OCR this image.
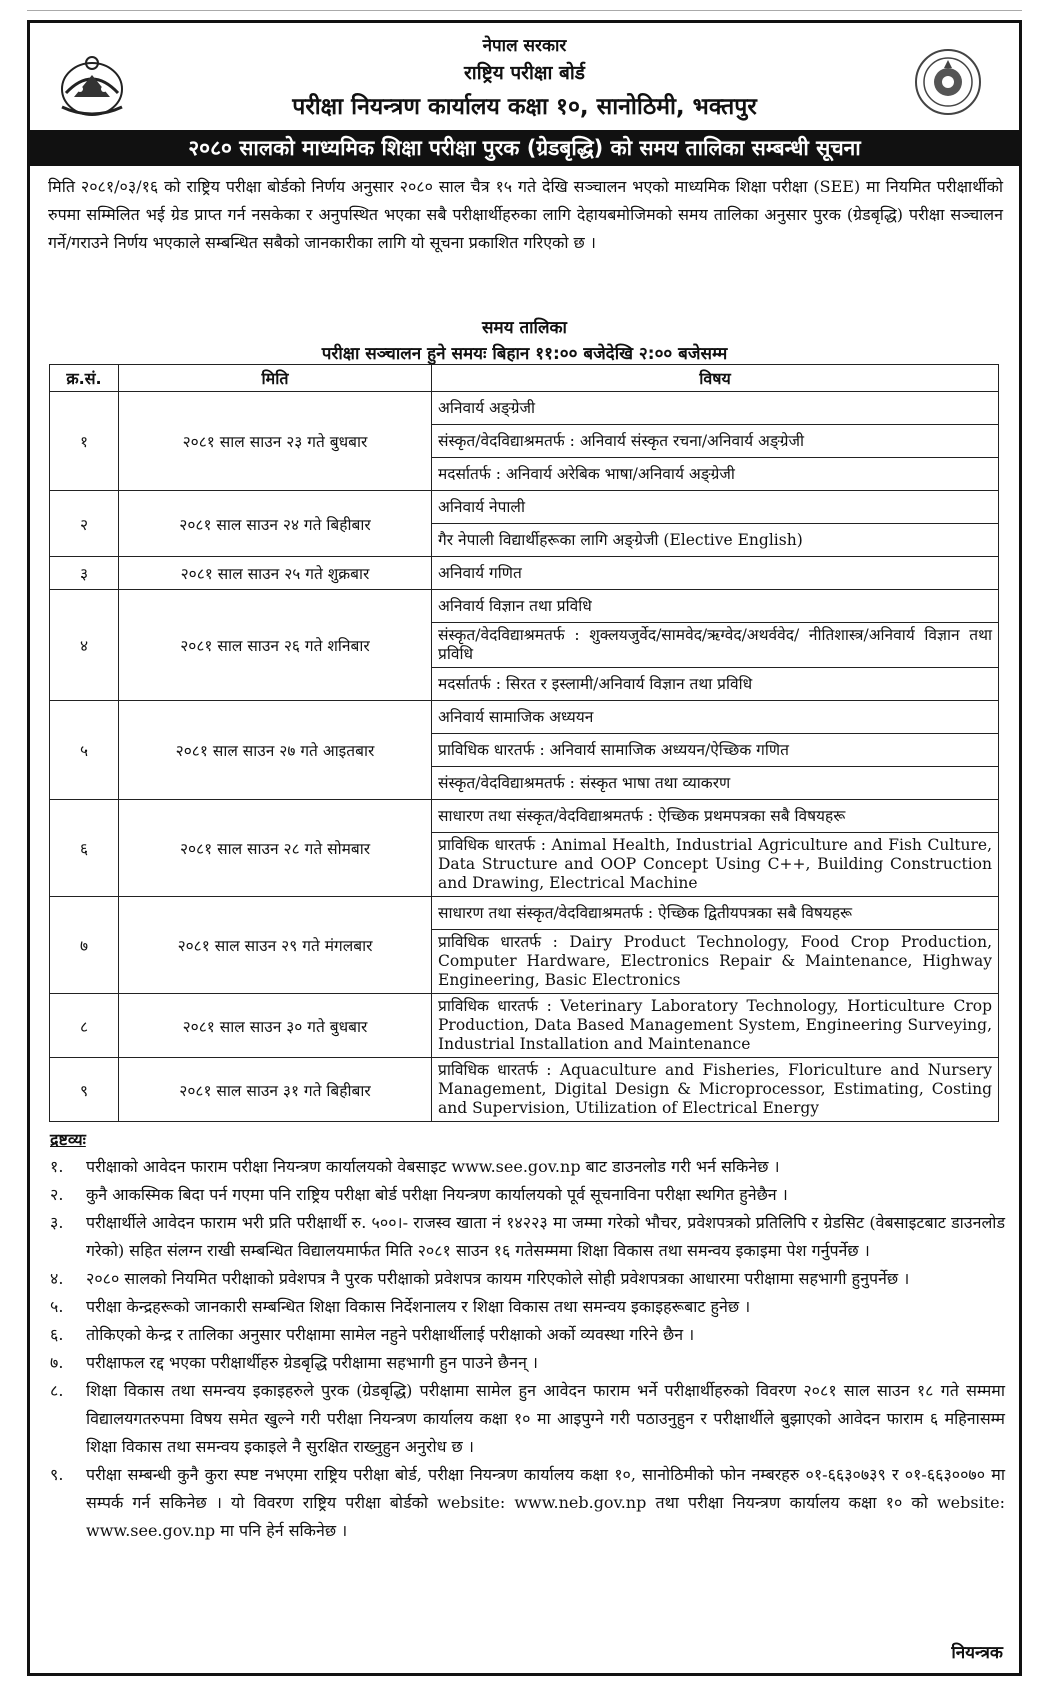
नेपाल सरकार
राष्ट्रिय परीक्षा बोर्ड
परीक्षा नियन्त्रण कार्यालय कक्षा १०, सानोठिमी, भक्तपुर
२०८० सालको माध्यमिक शिक्षा परीक्षा पुरक (ग्रेडबृद्धि) को समय तालिका सम्बन्धी सूचना
मिति २०८१/०३/१६ को राष्ट्रिय परीक्षा बोर्डको निर्णय अनुसार २०८० साल चैत्र १५ गते देखि सञ्चालन भएको माध्यमिक शिक्षा परीक्षा (SEE) मा नियमित परीक्षार्थीको रुपमा सम्मिलित भई ग्रेड प्राप्त गर्न नसकेका र अनुपस्थित भएका सबै परीक्षार्थीहरुका लागि देहायबमोजिमको समय तालिका अनुसार पुरक (ग्रेडबृद्धि) परीक्षा सञ्चालन गर्ने/गराउने निर्णय भएकाले सम्बन्धित सबैको जानकारीका लागि यो सूचना प्रकाशित गरिएको छ ।
समय तालिका
परीक्षा सञ्चालन हुने समयः बिहान ११:०० बजेदेखि २:०० बजेसम्म
क्र.सं.	मिति	विषय
१	२०८१ साल साउन २३ गते बुधबार	अनिवार्य अङ्ग्रेजी
		संस्कृत/वेदविद्याश्रमतर्फ : अनिवार्य संस्कृत रचना/अनिवार्य अङ्ग्रेजी
		मदर्सातर्फ : अनिवार्य अरेबिक भाषा/अनिवार्य अङ्ग्रेजी
२	२०८१ साल साउन २४ गते बिहीबार	अनिवार्य नेपाली
		गैर नेपाली विद्यार्थीहरूका लागि अङ्ग्रेजी (Elective English)
३	२०८१ साल साउन २५ गते शुक्रबार	अनिवार्य गणित
४	२०८१ साल साउन २६ गते शनिबार	अनिवार्य विज्ञान तथा प्रविधि
		संस्कृत/वेदविद्याश्रमतर्फ : शुक्लयजुर्वेद/सामवेद/ऋग्वेद/अथर्ववेद/ नीतिशास्त्र/अनिवार्य विज्ञान तथा प्रविधि
		मदर्सातर्फ : सिरत र इस्लामी/अनिवार्य विज्ञान तथा प्रविधि
५	२०८१ साल साउन २७ गते आइतबार	अनिवार्य सामाजिक अध्ययन
		प्राविधिक धारतर्फ : अनिवार्य सामाजिक अध्ययन/ऐच्छिक गणित
		संस्कृत/वेदविद्याश्रमतर्फ : संस्कृत भाषा तथा व्याकरण
६	२०८१ साल साउन २८ गते सोमबार	साधारण तथा संस्कृत/वेदविद्याश्रमतर्फ : ऐच्छिक प्रथमपत्रका सबै विषयहरू
		प्राविधिक धारतर्फ : Animal Health, Industrial Agriculture and Fish Culture, Data Structure and OOP Concept Using C++, Building Construction and Drawing, Electrical Machine
७	२०८१ साल साउन २९ गते मंगलबार	साधारण तथा संस्कृत/वेदविद्याश्रमतर्फ : ऐच्छिक द्वितीयपत्रका सबै विषयहरू
		प्राविधिक धारतर्फ : Dairy Product Technology, Food Crop Production, Computer Hardware, Electronics Repair & Maintenance, Highway Engineering, Basic Electronics
८	२०८१ साल साउन ३० गते बुधबार	प्राविधिक धारतर्फ : Veterinary Laboratory Technology, Horticulture Crop Production, Data Based Management System, Engineering Surveying, Industrial Installation and Maintenance
९	२०८१ साल साउन ३१ गते बिहीबार	प्राविधिक धारतर्फ : Aquaculture and Fisheries, Floriculture and Nursery Management, Digital Design & Microprocessor, Estimating, Costing and Supervision, Utilization of Electrical Energy
द्रष्टव्यः
१. परीक्षाको आवेदन फाराम परीक्षा नियन्त्रण कार्यालयको वेबसाइट www.see.gov.np बाट डाउनलोड गरी भर्न सकिनेछ ।
२. कुनै आकस्मिक बिदा पर्न गएमा पनि राष्ट्रिय परीक्षा बोर्ड परीक्षा नियन्त्रण कार्यालयको पूर्व सूचनाविना परीक्षा स्थगित हुनेछैन ।
३. परीक्षार्थीले आवेदन फाराम भरी प्रति परीक्षार्थी रु. ५००।- राजस्व खाता नं १४२२३ मा जम्मा गरेको भौचर, प्रवेशपत्रको प्रतिलिपि र ग्रेडसिट (वेबसाइटबाट डाउनलोड गरेको) सहित संलग्न राखी सम्बन्धित विद्यालयमार्फत मिति २०८१ साउन १६ गतेसम्ममा शिक्षा विकास तथा समन्वय इकाइमा पेश गर्नुपर्नेछ ।
४. २०८० सालको नियमित परीक्षाको प्रवेशपत्र नै पुरक परीक्षाको प्रवेशपत्र कायम गरिएकोले सोही प्रवेशपत्रका आधारमा परीक्षामा सहभागी हुनुपर्नेछ ।
५. परीक्षा केन्द्रहरूको जानकारी सम्बन्धित शिक्षा विकास निर्देशनालय र शिक्षा विकास तथा समन्वय इकाइहरूबाट हुनेछ ।
६. तोकिएको केन्द्र र तालिका अनुसार परीक्षामा सामेल नहुने परीक्षार्थीलाई परीक्षाको अर्को व्यवस्था गरिने छैन ।
७. परीक्षाफल रद्द भएका परीक्षार्थीहरु ग्रेडबृद्धि परीक्षामा सहभागी हुन पाउने छैनन् ।
८. शिक्षा विकास तथा समन्वय इकाइहरुले पुरक (ग्रेडबृद्धि) परीक्षामा सामेल हुन आवेदन फाराम भर्ने परीक्षार्थीहरुको विवरण २०८१ साल साउन १८ गते सम्ममा विद्यालयगतरुपमा विषय समेत खुल्ने गरी परीक्षा नियन्त्रण कार्यालय कक्षा १० मा आइपुग्ने गरी पठाउनुहुन र परीक्षार्थीले बुझाएको आवेदन फाराम ६ महिनासम्म शिक्षा विकास तथा समन्वय इकाइले नै सुरक्षित राख्नुहुन अनुरोध छ ।
९. परीक्षा सम्बन्धी कुनै कुरा स्पष्ट नभएमा राष्ट्रिय परीक्षा बोर्ड, परीक्षा नियन्त्रण कार्यालय कक्षा १०, सानोठिमीको फोन नम्बरहरु ०१-६६३०७३९ र ०१-६६३००७० मा सम्पर्क गर्न सकिनेछ । यो विवरण राष्ट्रिय परीक्षा बोर्डको website: www.neb.gov.np तथा परीक्षा नियन्त्रण कार्यालय कक्षा १० को website: www.see.gov.np मा पनि हेर्न सकिनेछ ।
नियन्त्रक
